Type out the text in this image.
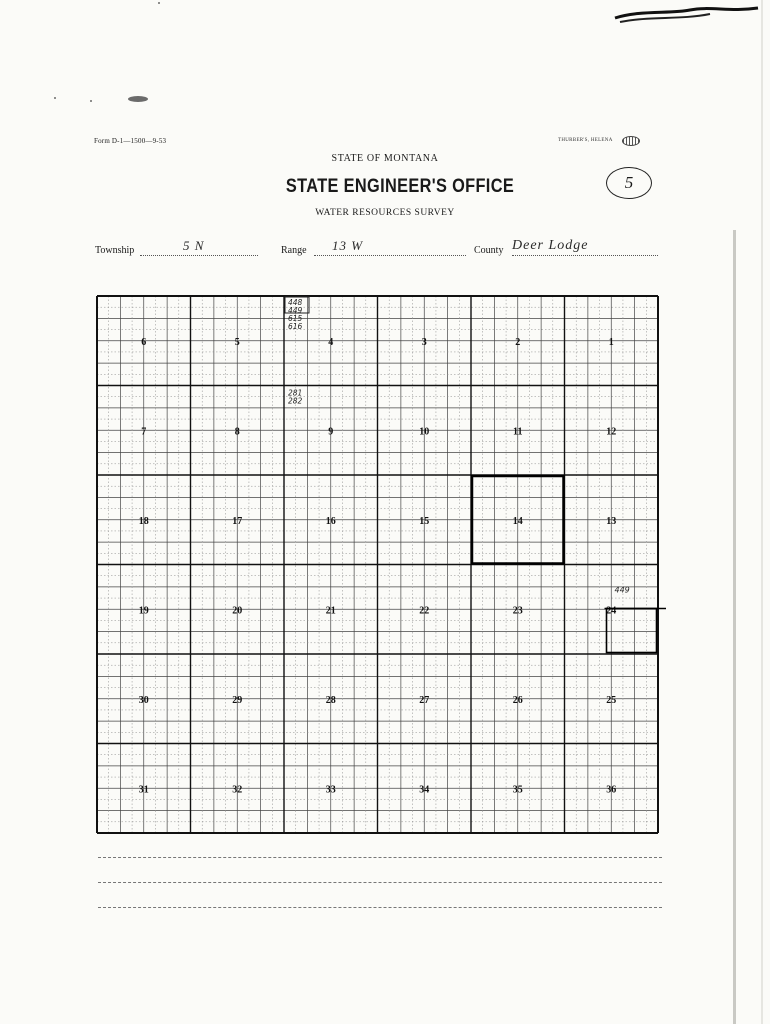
Form D-1—1500—9-53	THURBER'S, HELENA
STATE OF MONTANA
STATE ENGINEER'S OFFICE
WATER RESOURCES SURVEY
5
Township	5 N	Range 13 W	County Deer Lodge
6	5	4	3	2	1
7	8	9	10	11	12
18	17	16	15	14	13
19	20	21	22	23	24
30	29	28	27	26	25
31	32	33	34	35	36
448
449
615
616
281
282
449
